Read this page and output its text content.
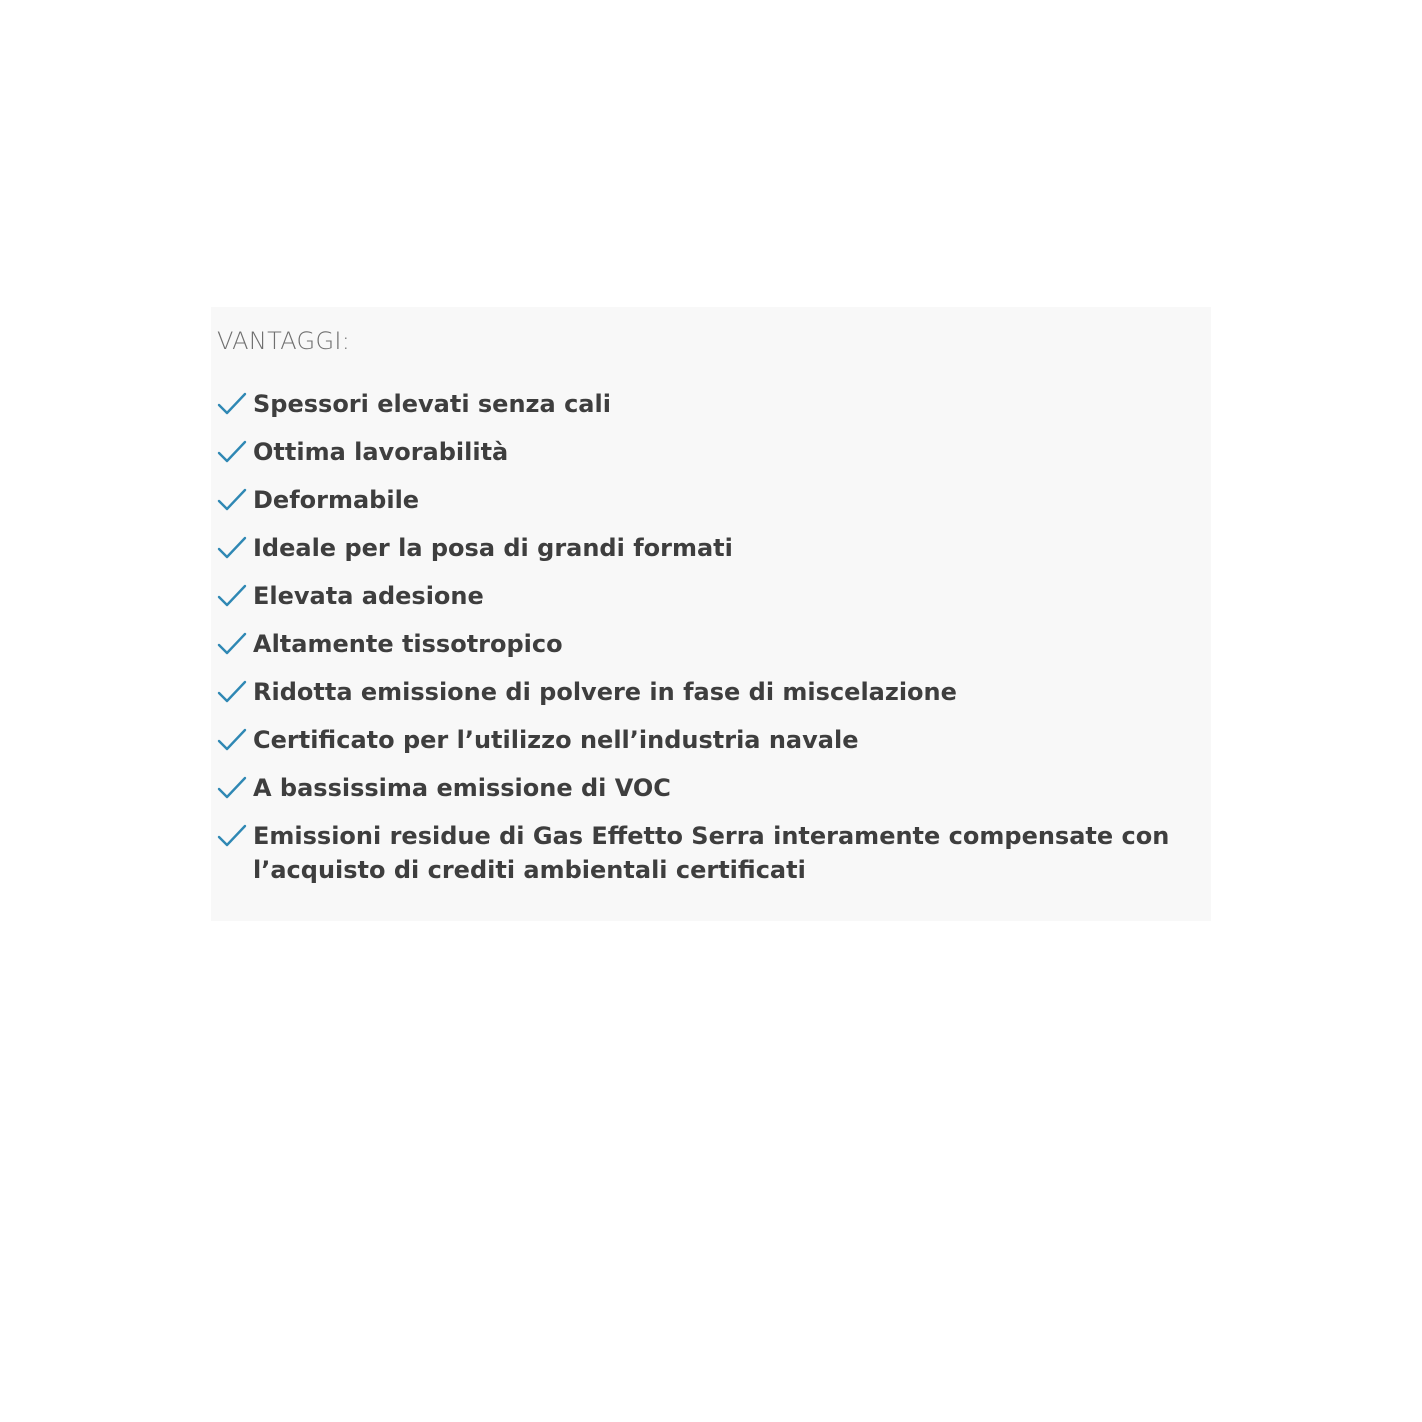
VANTAGGI:

Spessori elevati senza cali
Ottima lavorabilità
Deformabile
Ideale per la posa di grandi formati
Elevata adesione
Altamente tissotropico
Ridotta emissione di polvere in fase di miscelazione
Certificato per l’utilizzo nell’industria navale
A bassissima emissione di VOC
Emissioni residue di Gas Effetto Serra interamente compensate con l’acquisto di crediti ambientali certificati
